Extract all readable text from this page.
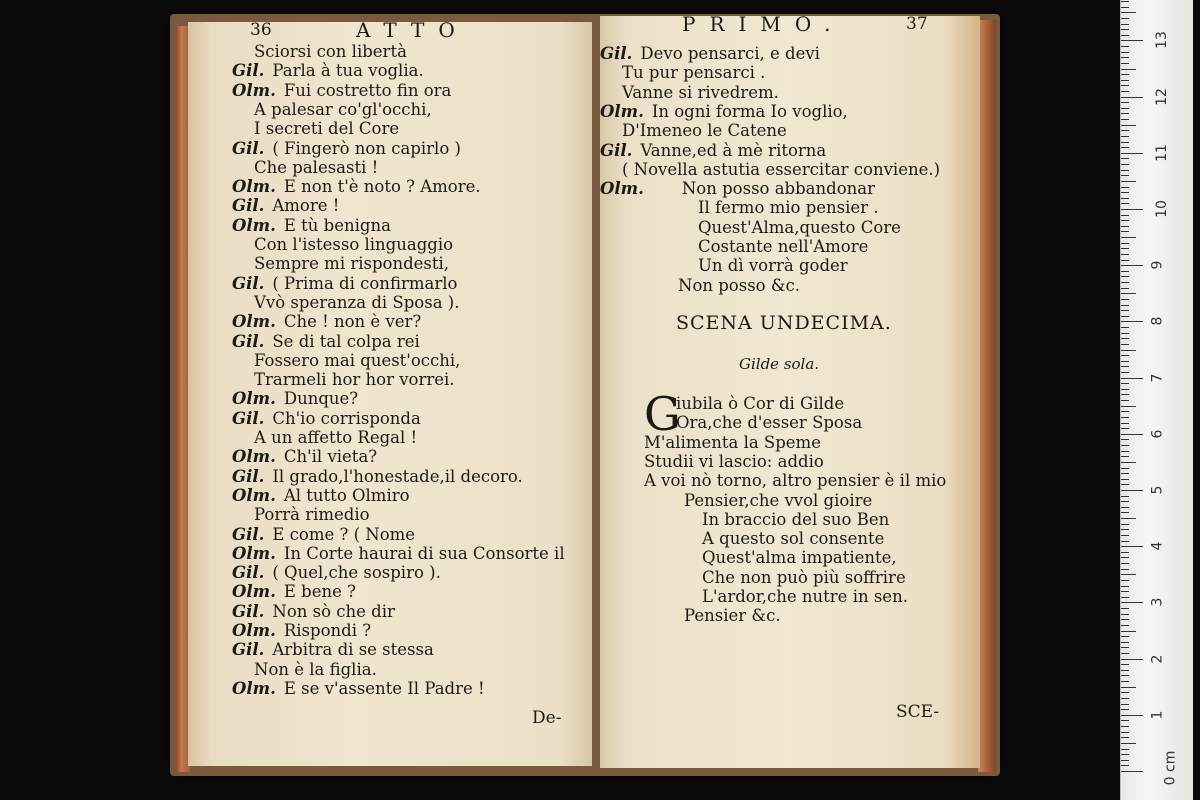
36	ATTO
Sciorsi con libertà
Gil. Parla à tua voglia.
Olm. Fui costretto fin ora
A palesar co'gl'occhi,
I secreti del Core
Gil. ( Fingerò non capirlo )
Che palesasti !
Olm. E non t'è noto ? Amore.
Gil. Amore !
Olm. E tù benigna
Con l'istesso linguaggio
Sempre mi rispondesti,
Gil. ( Prima di confirmarlo
Vvò speranza di Sposa ).
Olm. Che ! non è ver?
Gil. Se di tal colpa rei
Fossero mai quest'occhi,
Trarmeli hor hor vorrei.
Olm. Dunque?
Gil. Ch'io corrisponda
A un affetto Regal !
Olm. Ch'il vieta?
Gil. Il grado,l'honestade,il decoro.
Olm. Al tutto Olmiro
Porrà rimedio
Gil. E come ? ( Nome
Olm. In Corte haurai di sua Consorte il
Gil. ( Quel,che sospiro ).
Olm. E bene ?
Gil. Non sò che dir
Olm. Rispondi ?
Gil. Arbitra di se stessa
Non è la figlia.
Olm. E se v'assente Il Padre !
De-
PRIMO.	37
Gil. Devo pensarci, e devi
Tu pur pensarci .
Vanne si rivedrem.
Olm. In ogni forma Io voglio,
D'Imeneo le Catene
Gil. Vanne,ed à mè ritorna
( Novella astutia essercitar conviene.)
Olm. Non posso abbandonar
Il fermo mio pensier .
Quest'Alma,questo Core
Costante nell'Amore
Un dì vorrà goder
Non posso &c.
SCENA UNDECIMA.
Gilde sola.
G
iubila ò Cor di Gilde
Ora,che d'esser Sposa
M'alimenta la Speme
Studii vi lascio: addio
A voi nò torno, altro pensier è il mio
Pensier,che vvol gioire
In braccio del suo Ben
A questo sol consente
Quest'alma impatiente,
Che non può più soffrire
L'ardor,che nutre in sen.
Pensier &c.
SCE-
0 cm
1
2
3
4
5
6
7
8
9
10
11
12
13
